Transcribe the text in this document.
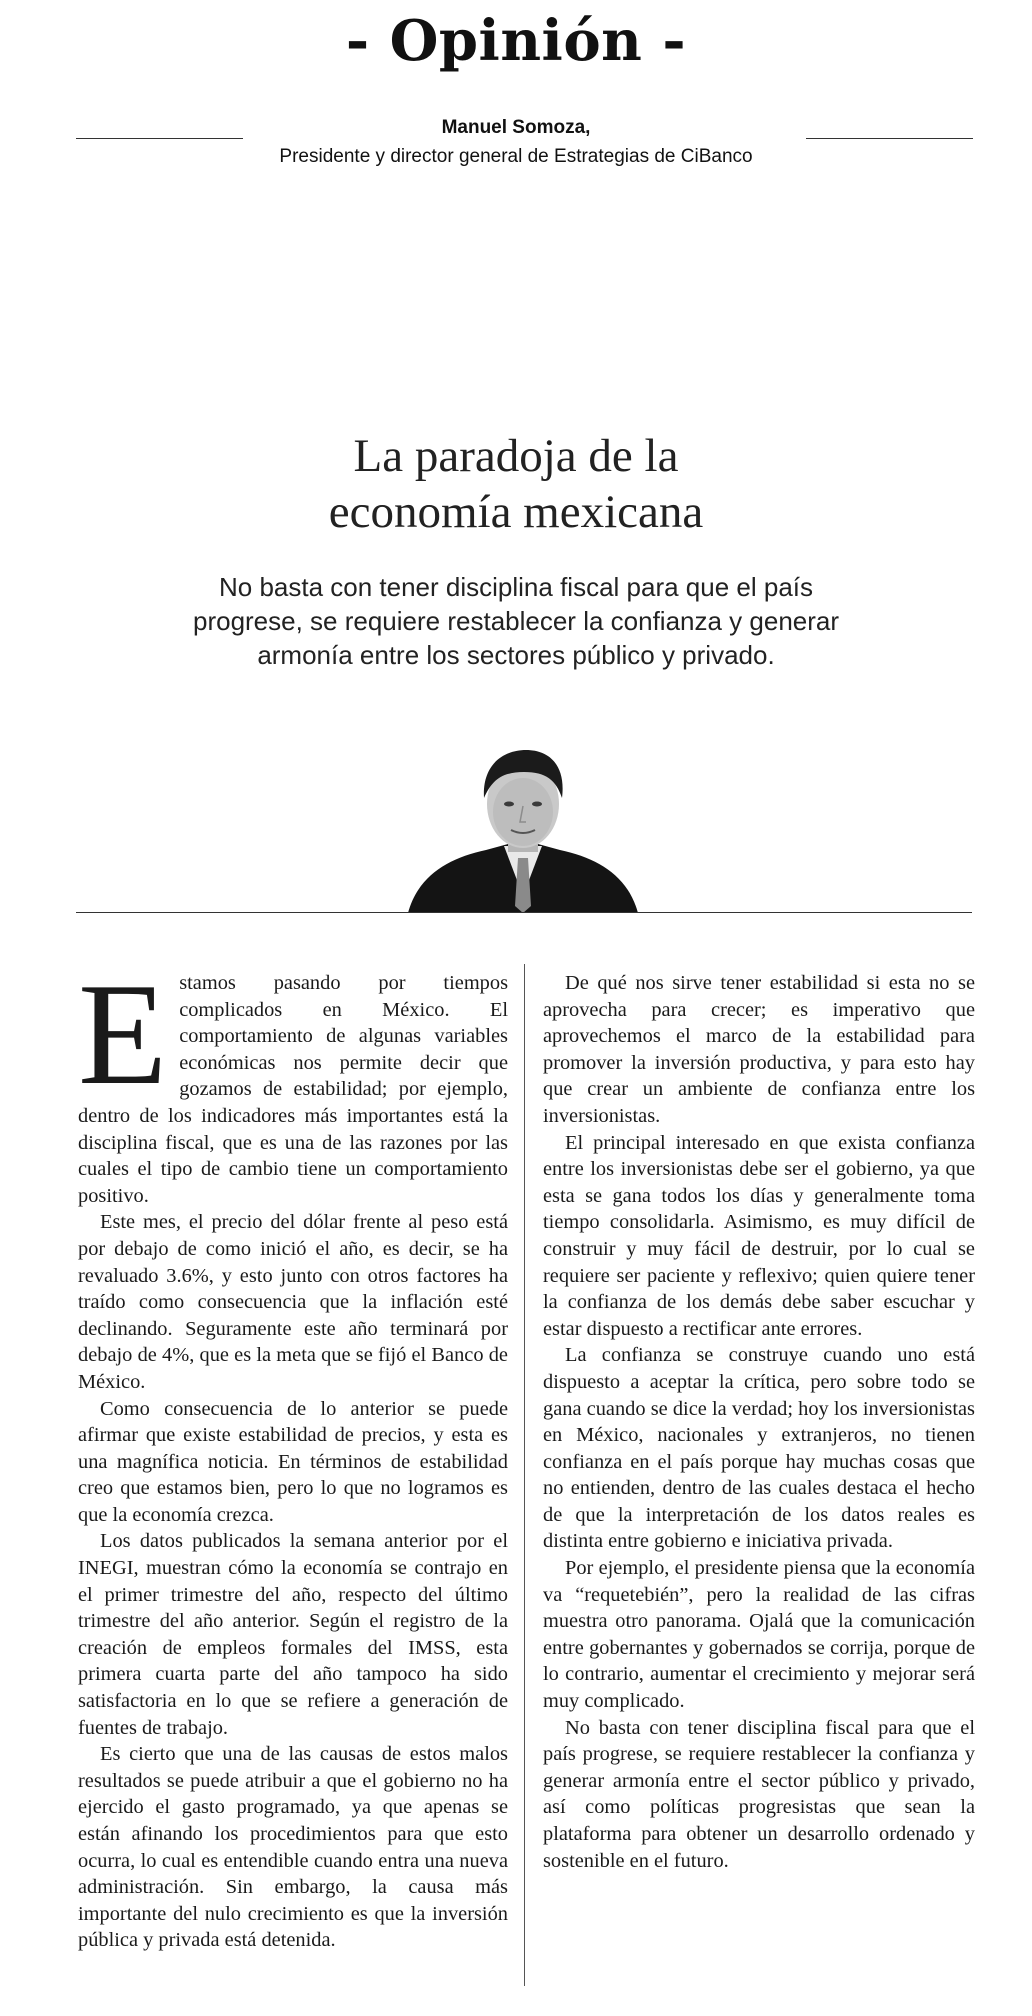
- Opinión -
Manuel Somoza,
Presidente y director general de Estrategias de CiBanco
La paradoja de la
economía mexicana
No basta con tener disciplina fiscal para que el país progrese, se requiere restablecer la confianza y generar armonía entre los sectores público y privado.

Estamos pasando por tiempos complicados en México. El comportamiento de algunas variables económicas nos permite decir que gozamos de estabilidad; por ejemplo, dentro de los indicadores más importantes está la disciplina fiscal, que es una de las razones por las cuales el tipo de cambio tiene un comportamiento positivo.

Este mes, el precio del dólar frente al peso está por debajo de como inició el año, es decir, se ha revaluado 3.6%, y esto junto con otros factores ha traído como consecuencia que la inflación esté declinando. Seguramente este año terminará por debajo de 4%, que es la meta que se fijó el Banco de México.

Como consecuencia de lo anterior se puede afirmar que existe estabilidad de precios, y esta es una magnífica noticia. En términos de estabilidad creo que estamos bien, pero lo que no logramos es que la economía crezca.

Los datos publicados la semana anterior por el INEGI, muestran cómo la economía se contrajo en el primer trimestre del año, respecto del último trimestre del año anterior. Según el registro de la creación de empleos formales del IMSS, esta primera cuarta parte del año tampoco ha sido satisfactoria en lo que se refiere a generación de fuentes de trabajo.

Es cierto que una de las causas de estos malos resultados se puede atribuir a que el gobierno no ha ejercido el gasto programado, ya que apenas se están afinando los procedimientos para que esto ocurra, lo cual es entendible cuando entra una nueva administración. Sin embargo, la causa más importante del nulo crecimiento es que la inversión pública y privada está detenida.

De qué nos sirve tener estabilidad si esta no se aprovecha para crecer; es imperativo que aprovechemos el marco de la estabilidad para promover la inversión productiva, y para esto hay que crear un ambiente de confianza entre los inversionistas.

El principal interesado en que exista confianza entre los inversionistas debe ser el gobierno, ya que esta se gana todos los días y generalmente toma tiempo consolidarla. Asimismo, es muy difícil de construir y muy fácil de destruir, por lo cual se requiere ser paciente y reflexivo; quien quiere tener la confianza de los demás debe saber escuchar y estar dispuesto a rectificar ante errores.

La confianza se construye cuando uno está dispuesto a aceptar la crítica, pero sobre todo se gana cuando se dice la verdad; hoy los inversionistas en México, nacionales y extranjeros, no tienen confianza en el país porque hay muchas cosas que no entienden, dentro de las cuales destaca el hecho de que la interpretación de los datos reales es distinta entre gobierno e iniciativa privada.

Por ejemplo, el presidente piensa que la economía va “requetebién”, pero la realidad de las cifras muestra otro panorama. Ojalá que la comunicación entre gobernantes y gobernados se corrija, porque de lo contrario, aumentar el crecimiento y mejorar será muy complicado.

No basta con tener disciplina fiscal para que el país progrese, se requiere restablecer la confianza y generar armonía entre el sector público y privado, así como políticas progresistas que sean la plataforma para obtener un desarrollo ordenado y sostenible en el futuro.
